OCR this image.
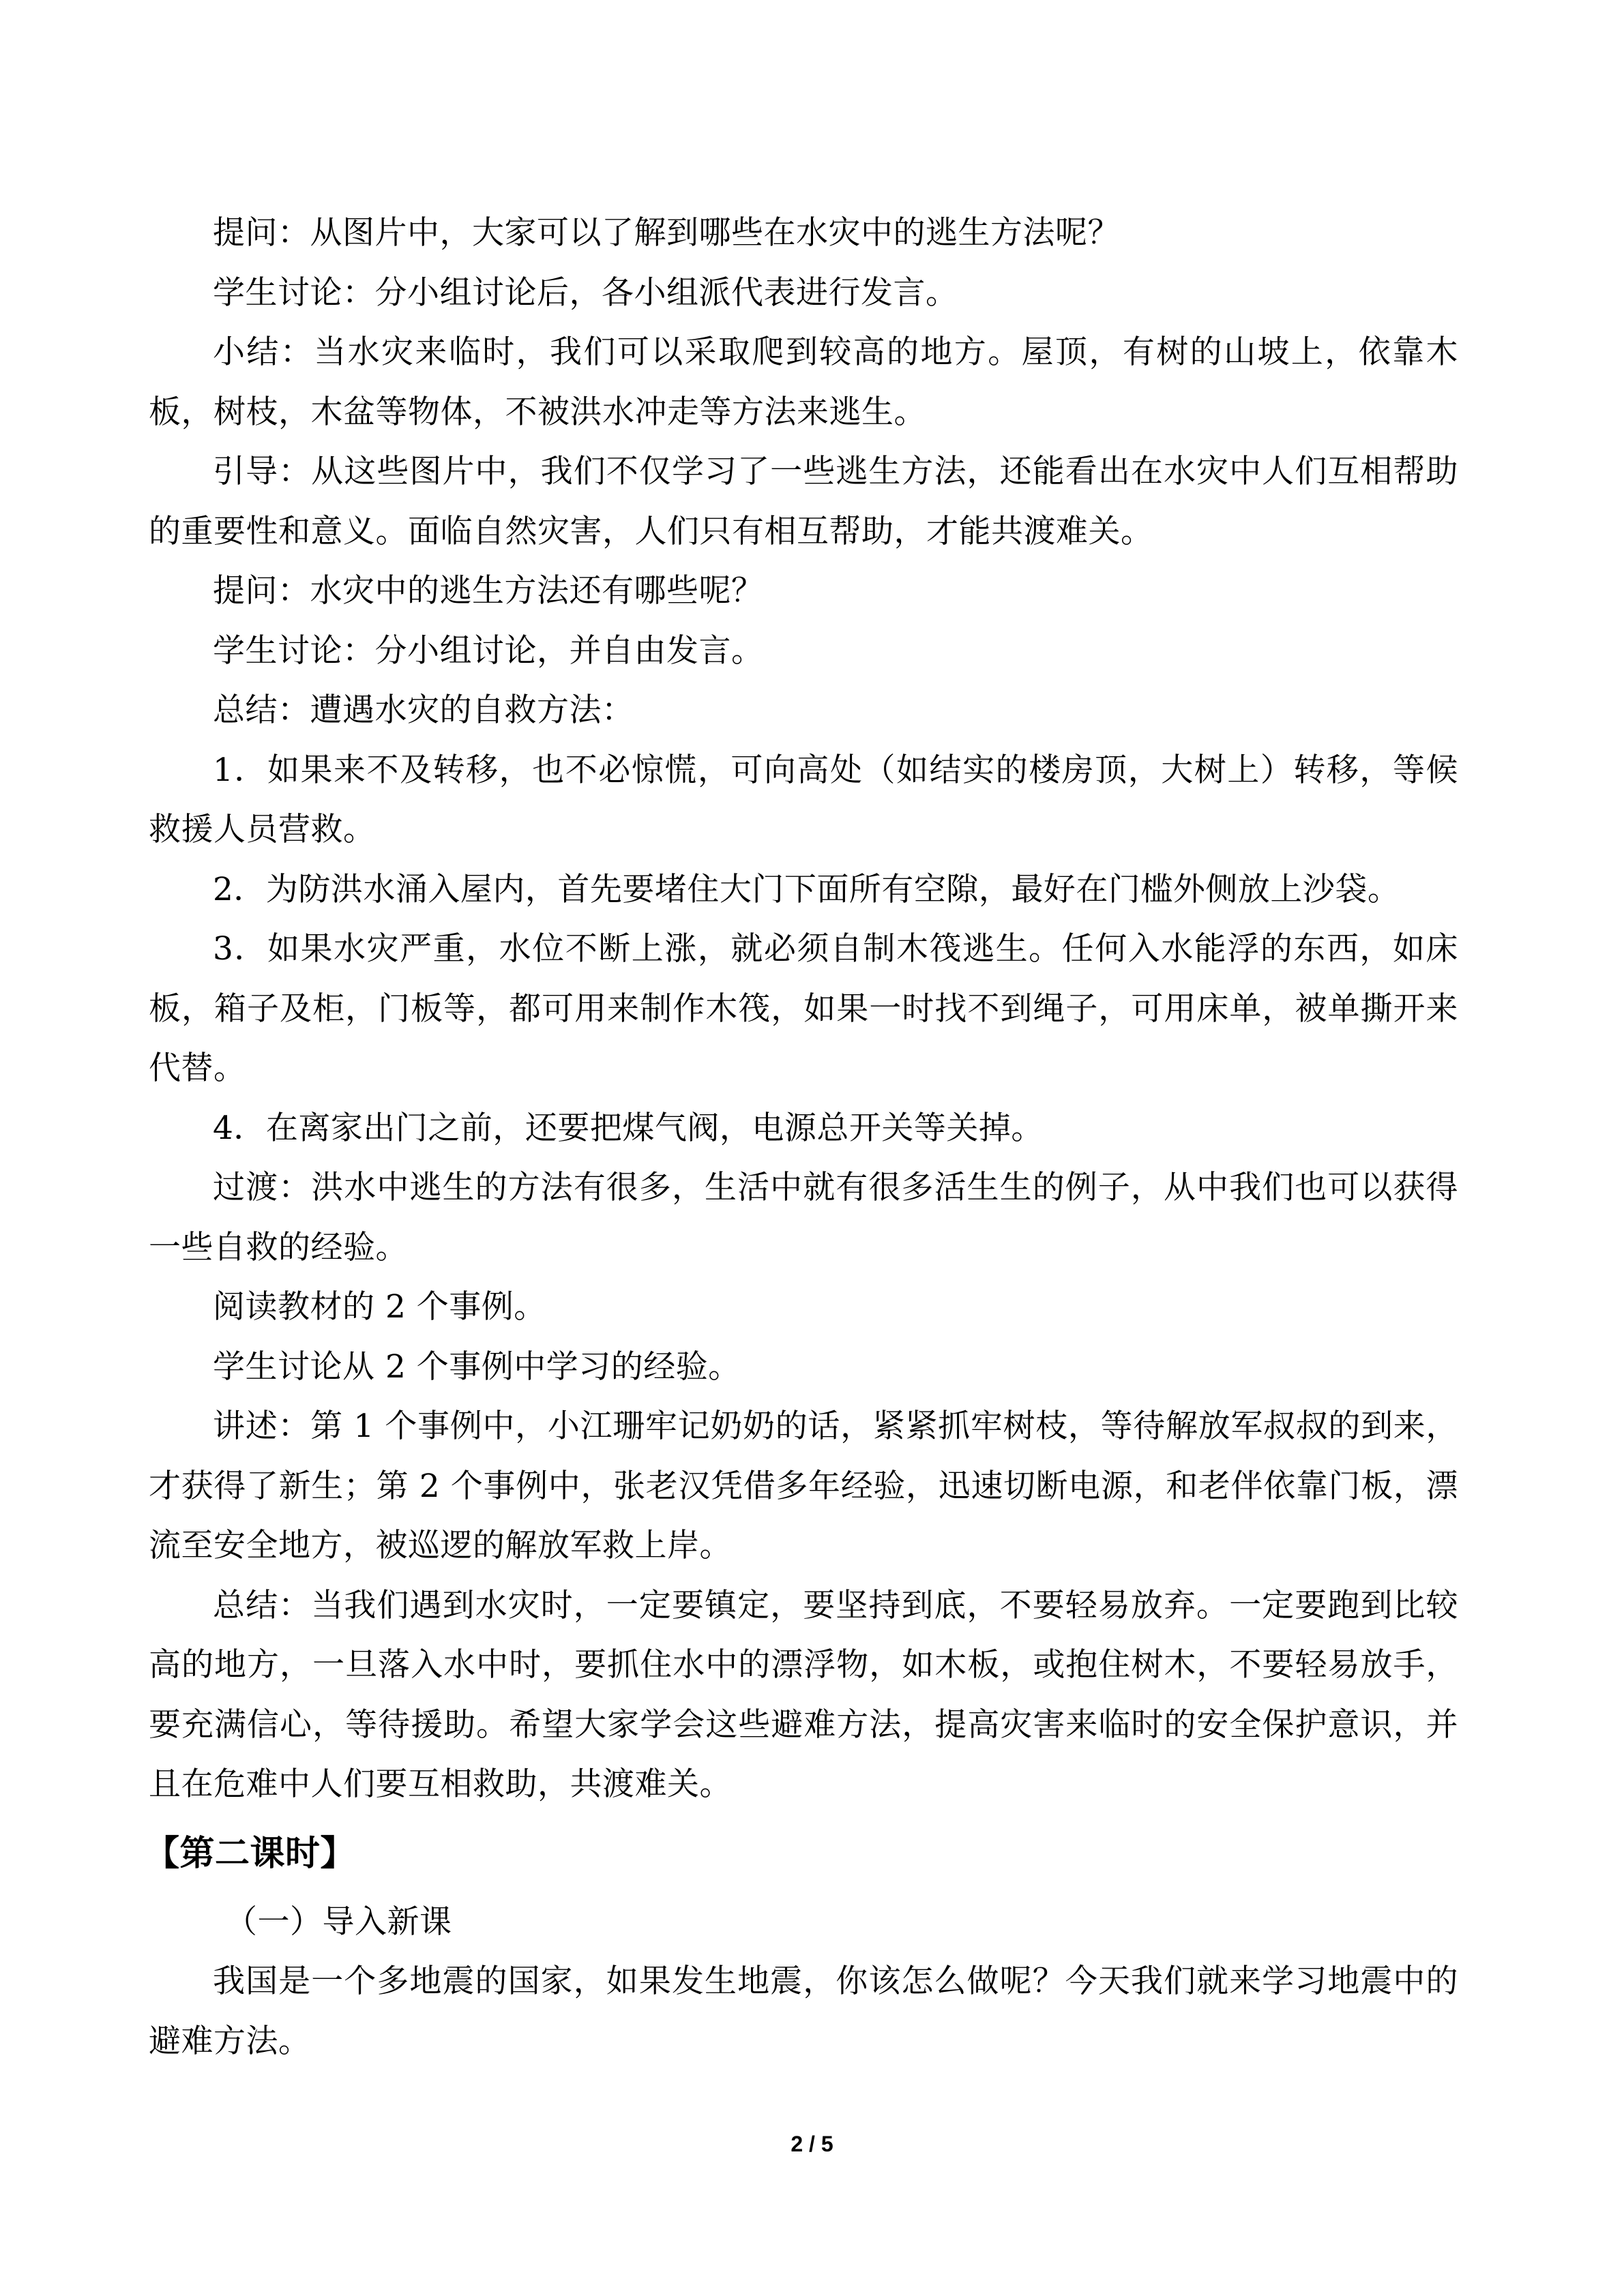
提问：从图片中，大家可以了解到哪些在水灾中的逃生方法呢？

学生讨论：分小组讨论后，各小组派代表进行发言。

小结：当水灾来临时，我们可以采取爬到较高的地方。屋顶，有树的山坡上，依靠木板，树枝，木盆等物体，不被洪水冲走等方法来逃生。

引导：从这些图片中，我们不仅学习了一些逃生方法，还能看出在水灾中人们互相帮助的重要性和意义。面临自然灾害，人们只有相互帮助，才能共渡难关。

提问：水灾中的逃生方法还有哪些呢？

学生讨论：分小组讨论，并自由发言。

总结：遭遇水灾的自救方法：

1．如果来不及转移，也不必惊慌，可向高处（如结实的楼房顶，大树上）转移，等候救援人员营救。

2．为防洪水涌入屋内，首先要堵住大门下面所有空隙，最好在门槛外侧放上沙袋。

3．如果水灾严重，水位不断上涨，就必须自制木筏逃生。任何入水能浮的东西，如床板，箱子及柜，门板等，都可用来制作木筏，如果一时找不到绳子，可用床单，被单撕开来代替。

4．在离家出门之前，还要把煤气阀，电源总开关等关掉。

过渡：洪水中逃生的方法有很多，生活中就有很多活生生的例子，从中我们也可以获得一些自救的经验。

阅读教材的 2 个事例。

学生讨论从 2 个事例中学习的经验。

讲述：第 1 个事例中，小江珊牢记奶奶的话，紧紧抓牢树枝，等待解放军叔叔的到来，才获得了新生；第 2 个事例中，张老汉凭借多年经验，迅速切断电源，和老伴依靠门板，漂流至安全地方，被巡逻的解放军救上岸。

总结：当我们遇到水灾时，一定要镇定，要坚持到底，不要轻易放弃。一定要跑到比较高的地方，一旦落入水中时，要抓住水中的漂浮物，如木板，或抱住树木，不要轻易放手，要充满信心，等待援助。希望大家学会这些避难方法，提高灾害来临时的安全保护意识，并且在危难中人们要互相救助，共渡难关。

【第二课时】

（一）导入新课

我国是一个多地震的国家，如果发生地震，你该怎么做呢？今天我们就来学习地震中的避难方法。

2 / 5
